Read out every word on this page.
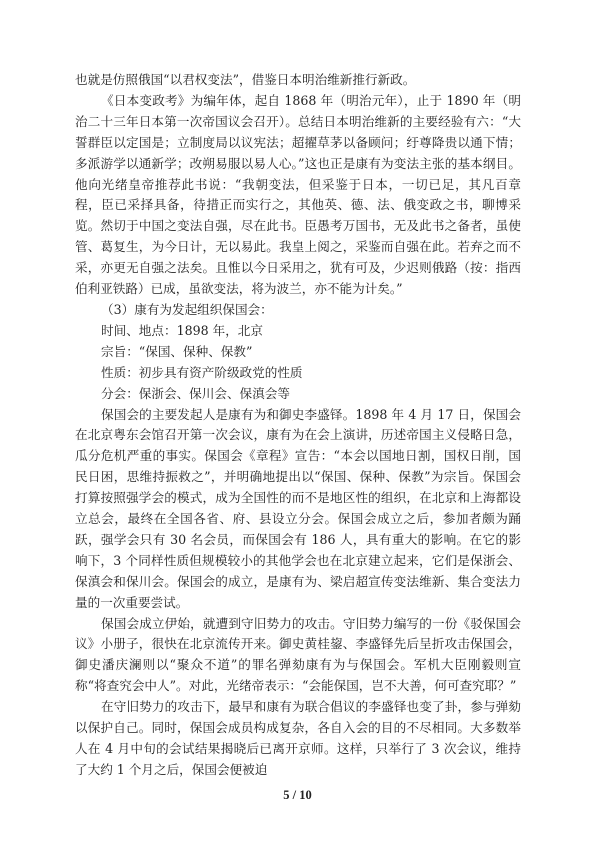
也就是仿照俄国“以君权变法”，借鉴日本明治维新推行新政。

《日本变政考》为编年体，起自 1868 年（明治元年），止于 1890 年（明治二十三年日本第一次帝国议会召开）。总结日本明治维新的主要经验有六：“大誓群臣以定国是；立制度局以议宪法；超擢草茅以备顾问；纡尊降贵以通下情；多派游学以通新学；改朔易服以易人心。”这也正是康有为变法主张的基本纲目。他向光绪皇帝推荐此书说：“我朝变法，但采鉴于日本，一切已足，其凡百章程，臣已采择具备，待措正而实行之，其他英、德、法、俄变政之书，聊博采览。然切于中国之变法自强，尽在此书。臣愚考万国书，无及此书之备者，虽使管、葛复生，为今日计，无以易此。我皇上阅之，采鉴而自强在此。若弃之而不采，亦更无自强之法矣。且惟以今日采用之，犹有可及，少迟则俄路（按：指西伯利亚铁路）已成，虽欲变法，将为波兰，亦不能为计矣。”

（3）康有为发起组织保国会：

时间、地点：1898 年，北京

宗旨：“保国、保种、保教”

性质：初步具有资产阶级政党的性质

分会：保浙会、保川会、保滇会等

保国会的主要发起人是康有为和御史李盛铎。1898 年 4 月 17 日，保国会在北京粤东会馆召开第一次会议，康有为在会上演讲，历述帝国主义侵略日急，瓜分危机严重的事实。保国会《章程》宣告：“本会以国地日割，国权日削，国民日困，思维持振救之”，并明确地提出以“保国、保种、保教”为宗旨。保国会打算按照强学会的模式，成为全国性的而不是地区性的组织，在北京和上海都设立总会，最终在全国各省、府、县设立分会。保国会成立之后，参加者颇为踊跃，强学会只有 30 名会员，而保国会有 186 人，具有重大的影响。在它的影响下，3 个同样性质但规模较小的其他学会也在北京建立起来，它们是保浙会、保滇会和保川会。保国会的成立，是康有为、梁启超宣传变法维新、集合变法力量的一次重要尝试。

保国会成立伊始，就遭到守旧势力的攻击。守旧势力编写的一份《驳保国会议》小册子，很快在北京流传开来。御史黄桂鋆、李盛铎先后呈折攻击保国会，御史潘庆澜则以“聚众不道”的罪名弹劾康有为与保国会。军机大臣刚毅则宣称“将查究会中人”。对此，光绪帝表示：“会能保国，岂不大善，何可查究耶？”

在守旧势力的攻击下，最早和康有为联合倡议的李盛铎也变了卦，参与弹劾以保护自己。同时，保国会成员构成复杂，各自入会的目的不尽相同。大多数举人在 4 月中旬的会试结果揭晓后已离开京师。这样，只举行了 3 次会议，维持了大约 1 个月之后，保国会便被迫

5 / 10
